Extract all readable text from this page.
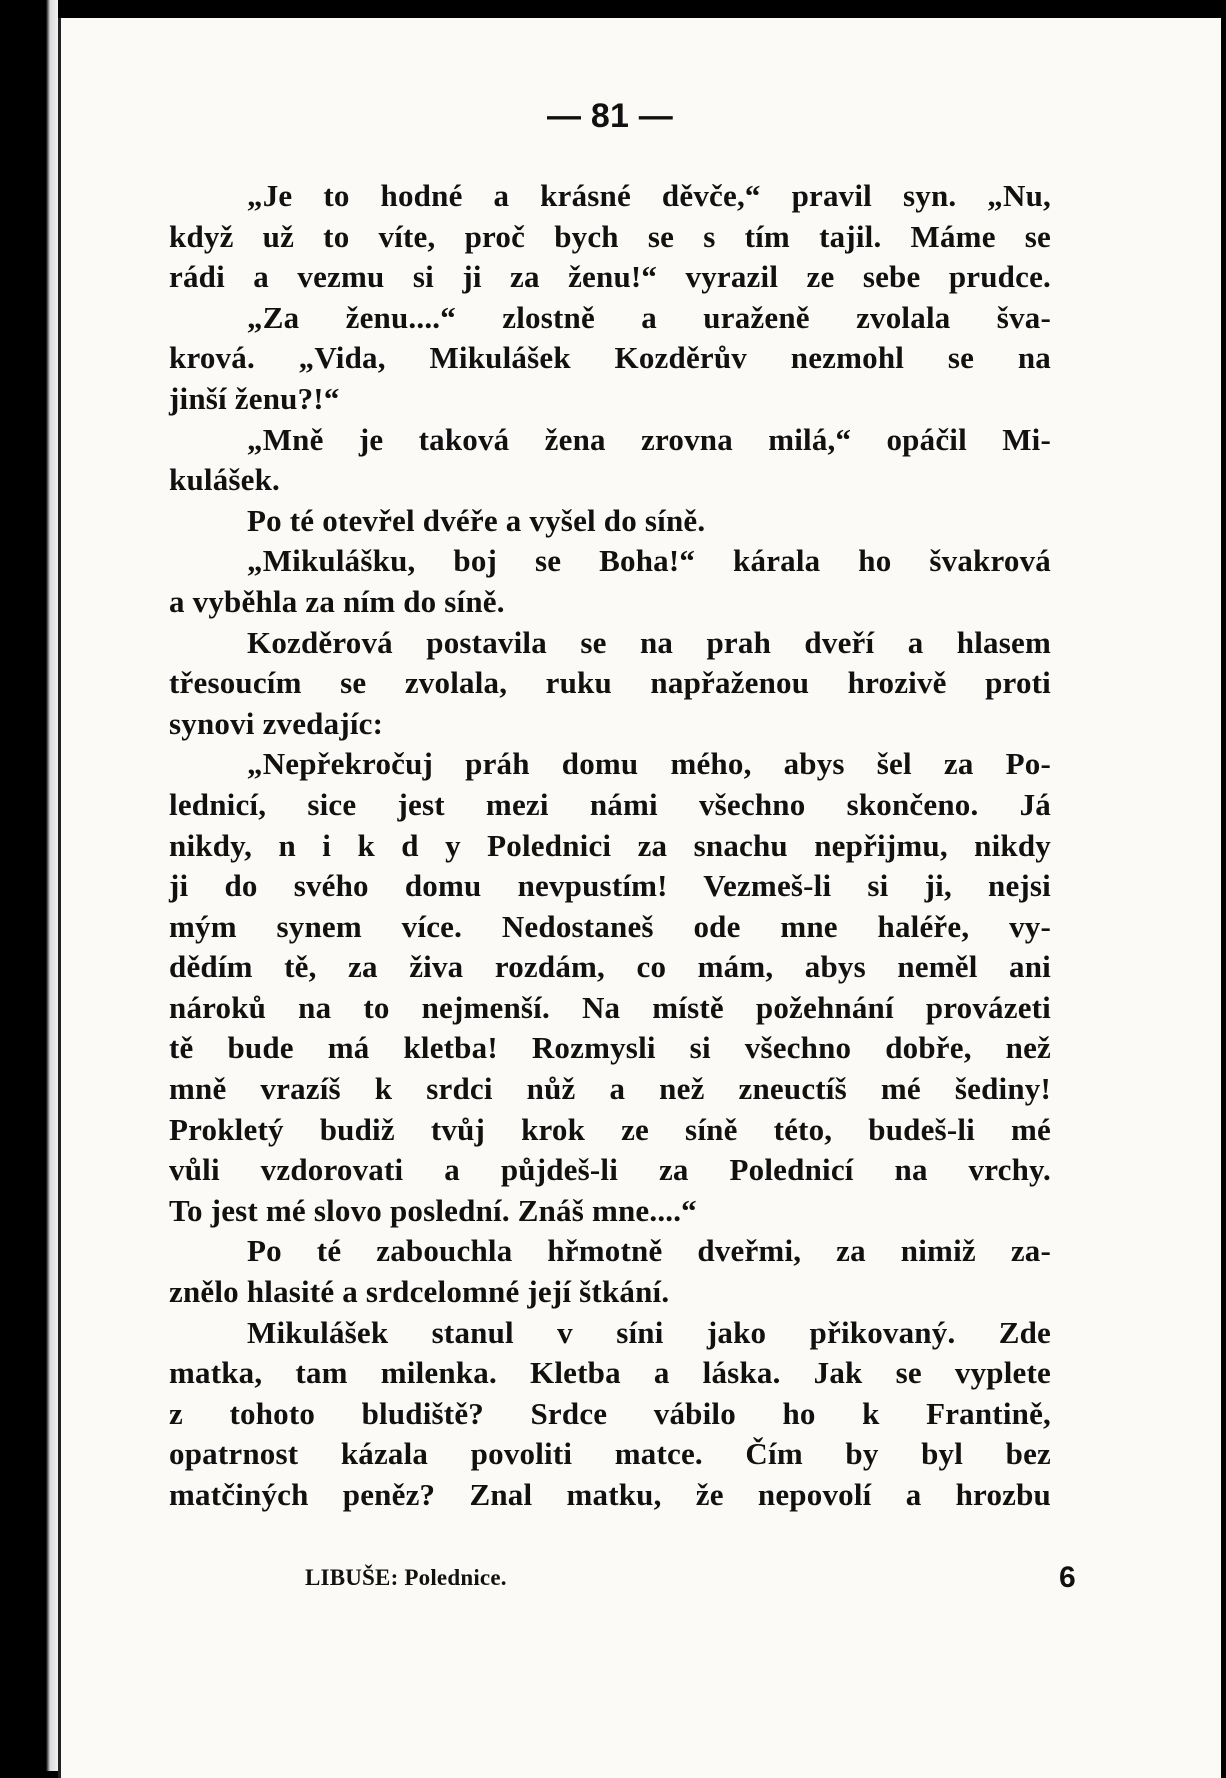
— 81 —
„Je to hodné a krásné děvče,“ pravil syn. „Nu,
když už to víte, proč bych se s tím tajil. Máme se
rádi a vezmu si ji za ženu!“ vyrazil ze sebe prudce.
„Za ženu....“ zlostně a uraženě zvolala šva-
krová. „Vida, Mikulášek Kozděrův nezmohl se na
jinší ženu?!“
„Mně je taková žena zrovna milá,“ opáčil Mi-
kulášek.
Po té otevřel dvéře a vyšel do síně.
„Mikulášku, boj se Boha!“ kárala ho švakrová
a vyběhla za ním do síně.
Kozděrová postavila se na prah dveří a hlasem
třesoucím se zvolala, ruku napřaženou hrozivě proti
synovi zvedajíc:
„Nepřekročuj práh domu mého, abys šel za Po-
lednicí, sice jest mezi námi všechno skončeno. Já
nikdy, n i k d y Polednici za snachu nepřijmu, nikdy
ji do svého domu nevpustím! Vezmeš-li si ji, nejsi
mým synem více. Nedostaneš ode mne haléře, vy-
dědím tě, za živa rozdám, co mám, abys neměl ani
nároků na to nejmenší. Na místě požehnání provázeti
tě bude má kletba! Rozmysli si všechno dobře, než
mně vrazíš k srdci nůž a než zneuctíš mé šediny!
Prokletý budiž tvůj krok ze síně této, budeš-li mé
vůli vzdorovati a půjdeš-li za Polednicí na vrchy.
To jest mé slovo poslední. Znáš mne....“
Po té zabouchla hřmotně dveřmi, za nimiž za-
znělo hlasité a srdcelomné její štkání.
Mikulášek stanul v síni jako přikovaný. Zde
matka, tam milenka. Kletba a láska. Jak se vyplete
z tohoto bludiště? Srdce vábilo ho k Frantině,
opatrnost kázala povoliti matce. Čím by byl bez
matčiných peněz? Znal matku, že nepovolí a hrozbu
LIBUŠE: Polednice.	6
